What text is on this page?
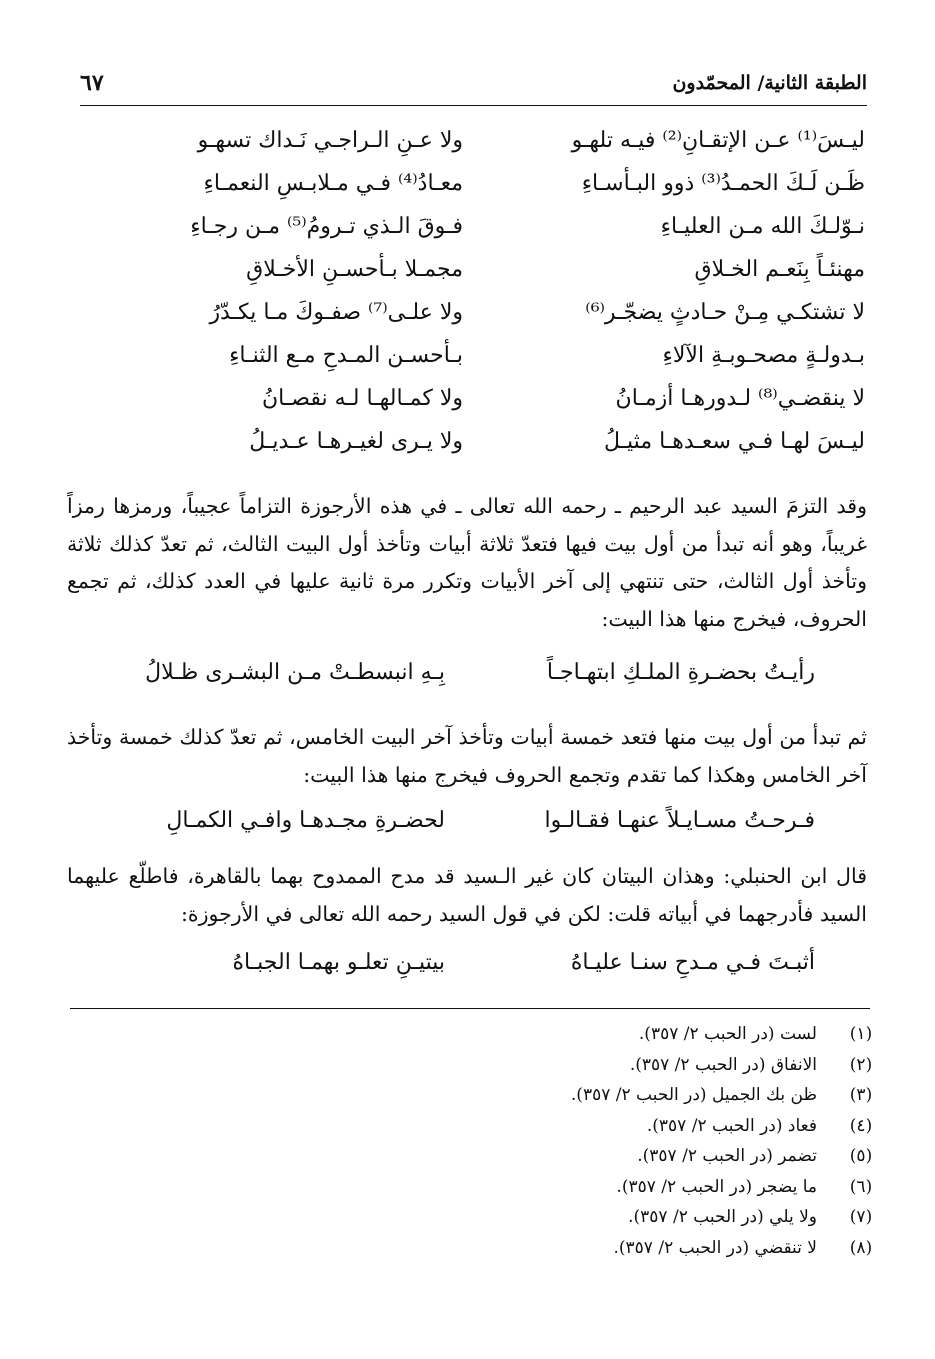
الطبقة الثانية/ المحمّدون
٦٧
ليـسَ⁽¹⁾ عـن الإتقـانِ⁽²⁾ فيـه تلهـو
ولا عـنِ الـراجـي نَـداك تسهـو
ظَـن لَـكَ الحمـدُ⁽³⁾ ذوو البـأسـاءِ
معـادُ⁽⁴⁾ فـي مـلابـسِ النعمـاءِ
نـوّلـكَ الله مـن العليـاءِ
فـوقَ الـذي تـرومُ⁽⁵⁾ مـن رجـاءِ
مهنئـاً بِنَعـم الخـلاقِ
مجمـلا بـأحسـنِ الأخـلاقِ
لا تشتكـي مِـنْ حـادثٍ يضجّـر⁽⁶⁾
ولا علـى⁽⁷⁾ صفـوكَ مـا يكـدّرُ
بـدولـةٍ مصحـوبـةِ الآلاءِ
بـأحسـن المـدحِ مـع الثنـاءِ
لا ينقضـي⁽⁸⁾ لـدورهـا أزمـانُ
ولا كمـالهـا لـه نقصـانُ
ليـسَ لهـا فـي سعـدهـا مثيـلُ
ولا يـرى لغيـرهـا عـديـلُ
وقد التزمَ السيد عبد الرحيم ـ رحمه الله تعالى ـ في هذه الأرجوزة التزاماً عجيباً، ورمزها رمزاً غريباً، وهو أنه تبدأ من أول بيت فيها فتعدّ ثلاثة أبيات وتأخذ أول البيت الثالث، ثم تعدّ كذلك ثلاثة وتأخذ أول الثالث، حتى تنتهي إلى آخر الأبيات وتكرر مرة ثانية عليها في العدد كذلك، ثم تجمع الحروف، فيخرج منها هذا البيت:
رأيـتُ بحضـرةِ الملـكِ ابتهـاجـاً
بِـهِ انبسطـتْ مـن البشـرى ظـلالُ
ثم تبدأ من أول بيت منها فتعد خمسة أبيات وتأخذ آخر البيت الخامس، ثم تعدّ كذلك خمسة وتأخذ آخر الخامس وهكذا كما تقدم وتجمع الحروف فيخرج منها هذا البيت:
فـرحـتُ مسـايـلاً عنهـا فقـالـوا
لحضـرةِ مجـدهـا وافـي الكمـالِ
قال ابن الحنبلي: وهذان البيتان كان غير الـسيد قد مدح الممدوح بهما بالقاهرة، فاطلّع عليهما السيد فأدرجهما في أبياته قلت: لكن في قول السيد رحمه الله تعالى في الأرجوزة:
أثبـتَ فـي مـدحِ سنـا عليـاهُ
بيتيـنِ تعلـو بهمـا الجبـاهُ
(١)
لست (در الحبب ٢/ ٣٥٧).
(٢)
الانفاق (در الحبب ٢/ ٣٥٧).
(٣)
ظن بك الجميل (در الحبب ٢/ ٣٥٧).
(٤)
فعاد (در الحبب ٢/ ٣٥٧).
(٥)
تضمر (در الحبب ٢/ ٣٥٧).
(٦)
ما يضجر (در الحبب ٢/ ٣٥٧).
(٧)
ولا يلي (در الحبب ٢/ ٣٥٧).
(٨)
لا تنقضي (در الحبب ٢/ ٣٥٧).
